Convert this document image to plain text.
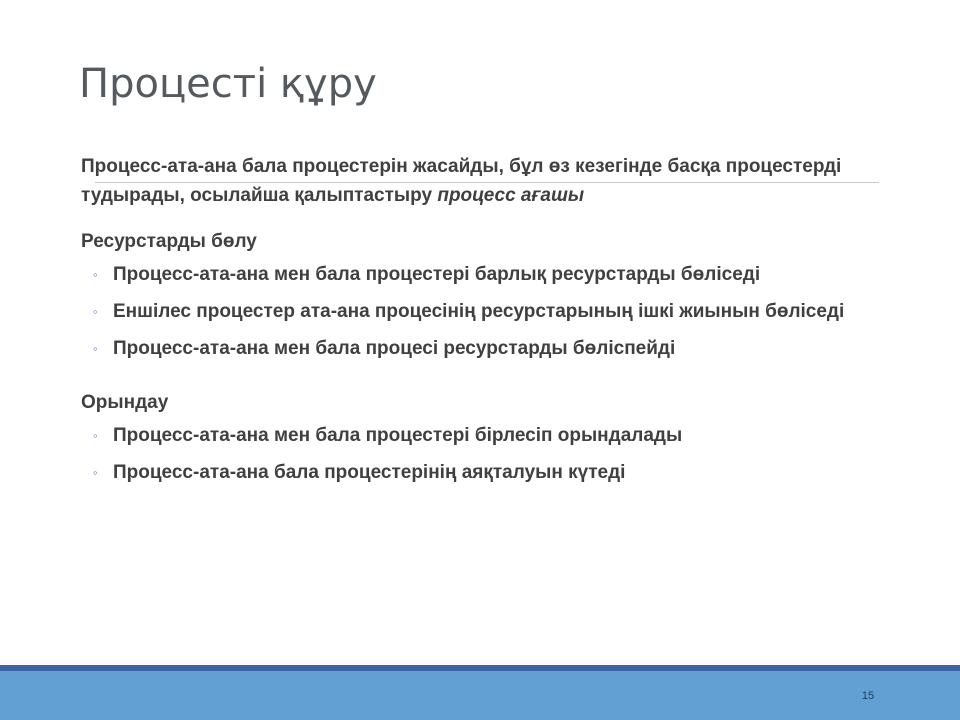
Процесті құру

Процесс-ата-ана бала процестерін жасайды, бұл өз кезегінде басқа процестерді тудырады, осылайша қалыптастыру процесс ағашы

Ресурстарды бөлу

◦ Процесс-ата-ана мен бала процестері барлық ресурстарды бөліседі
◦ Еншілес процестер ата-ана процесінің ресурстарының ішкі жиынын бөліседі
◦ Процесс-ата-ана мен бала процесі ресурстарды бөліспейді

Орындау

◦ Процесс-ата-ана мен бала процестері бірлесіп орындалады
◦ Процесс-ата-ана бала процестерінің аяқталуын күтеді
15
